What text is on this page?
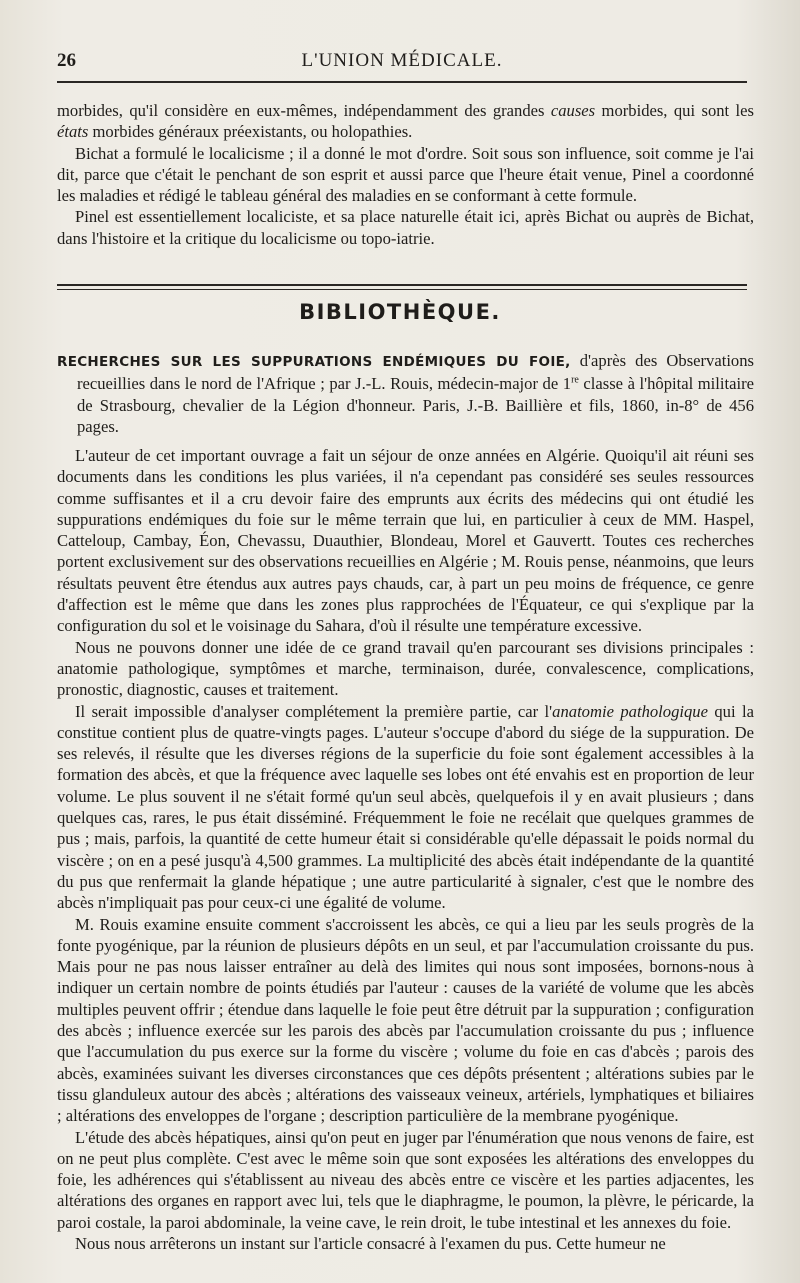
26	L'UNION MÉDICALE.

morbides, qu'il considère en eux-mêmes, indépendamment des grandes causes morbides, qui sont les états morbides généraux préexistants, ou holopathies.

Bichat a formulé le localicisme ; il a donné le mot d'ordre. Soit sous son influence, soit comme je l'ai dit, parce que c'était le penchant de son esprit et aussi parce que l'heure était venue, Pinel a coordonné les maladies et rédigé le tableau général des maladies en se conformant à cette formule.

Pinel est essentiellement localiciste, et sa place naturelle était ici, après Bichat ou auprès de Bichat, dans l'histoire et la critique du localicisme ou topo-iatrie.

BIBLIOTHÈQUE.

RECHERCHES SUR LES SUPPURATIONS ENDÉMIQUES DU FOIE, d'après des Observations recueillies dans le nord de l'Afrique ; par J.-L. Rouis, médecin-major de 1re classe à l'hôpital militaire de Strasbourg, chevalier de la Légion d'honneur. Paris, J.-B. Baillière et fils, 1860, in-8° de 456 pages.

L'auteur de cet important ouvrage a fait un séjour de onze années en Algérie. Quoiqu'il ait réuni ses documents dans les conditions les plus variées, il n'a cependant pas considéré ses seules ressources comme suffisantes et il a cru devoir faire des emprunts aux écrits des médecins qui ont étudié les suppurations endémiques du foie sur le même terrain que lui, en particulier à ceux de MM. Haspel, Catteloup, Cambay, Éon, Chevassu, Duauthier, Blondeau, Morel et Gauvertt. Toutes ces recherches portent exclusivement sur des observations recueillies en Algérie ; M. Rouis pense, néanmoins, que leurs résultats peuvent être étendus aux autres pays chauds, car, à part un peu moins de fréquence, ce genre d'affection est le même que dans les zones plus rapprochées de l'Équateur, ce qui s'explique par la configuration du sol et le voisinage du Sahara, d'où il résulte une température excessive.

Nous ne pouvons donner une idée de ce grand travail qu'en parcourant ses divisions principales : anatomie pathologique, symptômes et marche, terminaison, durée, convalescence, complications, pronostic, diagnostic, causes et traitement.

Il serait impossible d'analyser complétement la première partie, car l'anatomie pathologique qui la constitue contient plus de quatre-vingts pages. L'auteur s'occupe d'abord du siége de la suppuration. De ses relevés, il résulte que les diverses régions de la superficie du foie sont également accessibles à la formation des abcès, et que la fréquence avec laquelle ses lobes ont été envahis est en proportion de leur volume. Le plus souvent il ne s'était formé qu'un seul abcès, quelquefois il y en avait plusieurs ; dans quelques cas, rares, le pus était disséminé. Fréquemment le foie ne recélait que quelques grammes de pus ; mais, parfois, la quantité de cette humeur était si considérable qu'elle dépassait le poids normal du viscère ; on en a pesé jusqu'à 4,500 grammes. La multiplicité des abcès était indépendante de la quantité du pus que renfermait la glande hépatique ; une autre particularité à signaler, c'est que le nombre des abcès n'impliquait pas pour ceux-ci une égalité de volume.

M. Rouis examine ensuite comment s'accroissent les abcès, ce qui a lieu par les seuls progrès de la fonte pyogénique, par la réunion de plusieurs dépôts en un seul, et par l'accumulation croissante du pus. Mais pour ne pas nous laisser entraîner au delà des limites qui nous sont imposées, bornons-nous à indiquer un certain nombre de points étudiés par l'auteur : causes de la variété de volume que les abcès multiples peuvent offrir ; étendue dans laquelle le foie peut être détruit par la suppuration ; configuration des abcès ; influence exercée sur les parois des abcès par l'accumulation croissante du pus ; influence que l'accumulation du pus exerce sur la forme du viscère ; volume du foie en cas d'abcès ; parois des abcès, examinées suivant les diverses circonstances que ces dépôts présentent ; altérations subies par le tissu glanduleux autour des abcès ; altérations des vaisseaux veineux, artériels, lymphatiques et biliaires ; altérations des enveloppes de l'organe ; description particulière de la membrane pyogénique.

L'étude des abcès hépatiques, ainsi qu'on peut en juger par l'énumération que nous venons de faire, est on ne peut plus complète. C'est avec le même soin que sont exposées les altérations des enveloppes du foie, les adhérences qui s'établissent au niveau des abcès entre ce viscère et les parties adjacentes, les altérations des organes en rapport avec lui, tels que le diaphragme, le poumon, la plèvre, le péricarde, la paroi costale, la paroi abdominale, la veine cave, le rein droit, le tube intestinal et les annexes du foie.

Nous nous arrêterons un instant sur l'article consacré à l'examen du pus. Cette humeur ne
